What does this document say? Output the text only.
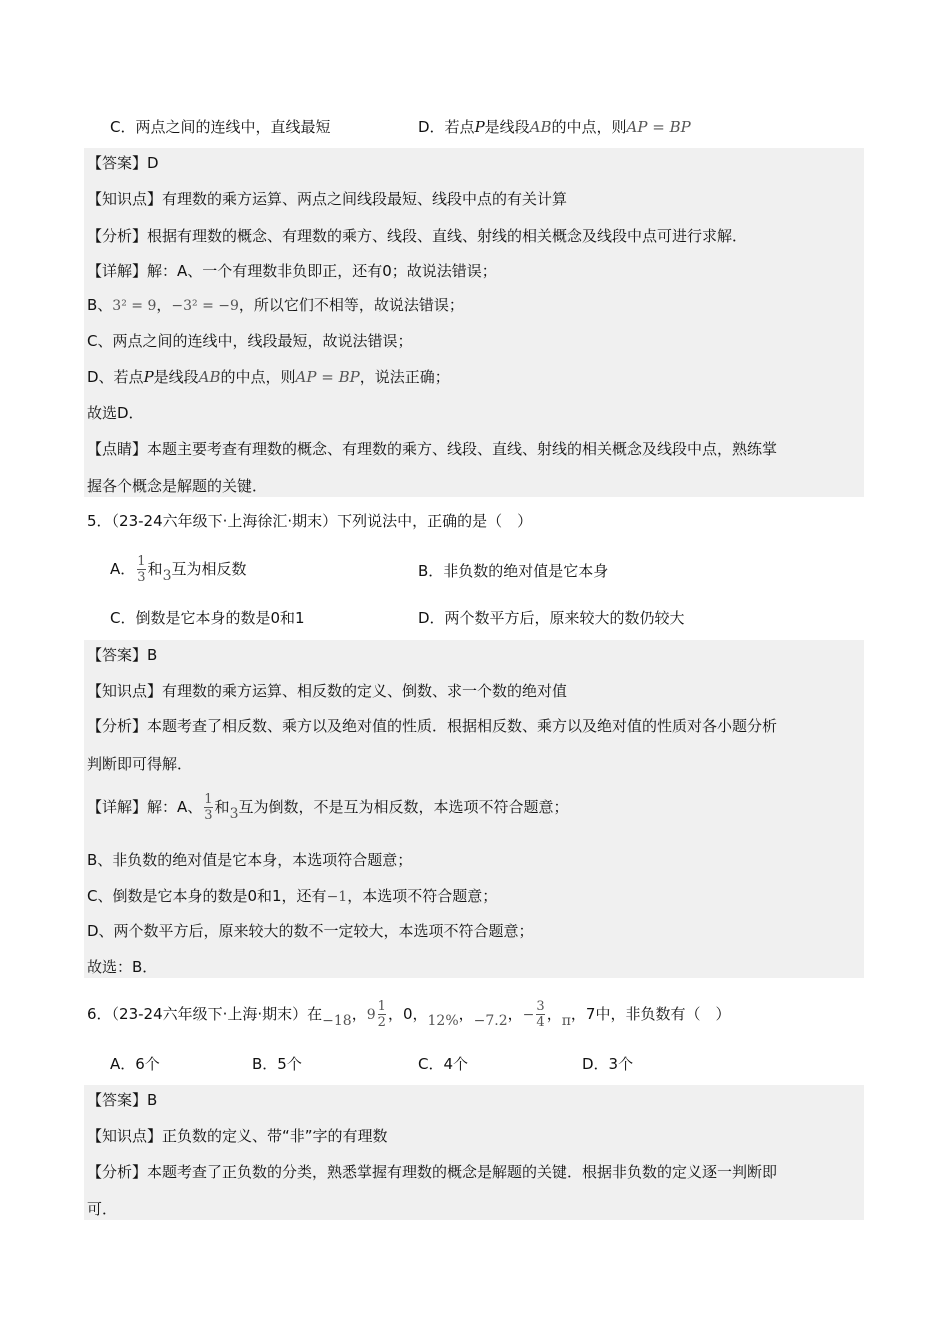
C．两点之间的连线中，直线最短	D．若点P是线段AB的中点，则AP = BP
【答案】D
【知识点】有理数的乘方运算、两点之间线段最短、线段中点的有关计算
【分析】根据有理数的概念、有理数的乘方、线段、直线、射线的相关概念及线段中点可进行求解．
【详解】解：A、一个有理数非负即正，还有0；故说法错误；
B、3² = 9，−3² = −9，所以它们不相等，故说法错误；
C、两点之间的连线中，线段最短，故说法错误；
D、若点P是线段AB的中点，则AP = BP，说法正确；
故选D．
【点睛】本题主要考查有理数的概念、有理数的乘方、线段、直线、射线的相关概念及线段中点，熟练掌
握各个概念是解题的关键．
5．（23-24六年级下·上海徐汇·期末）下列说法中，正确的是（　）
A． $\frac{1}{3}$ 和3互为相反数	B．非负数的绝对值是它本身
C．倒数是它本身的数是0和1	D．两个数平方后，原来较大的数仍较大
【答案】B
【知识点】有理数的乘方运算、相反数的定义、倒数、求一个数的绝对值
【分析】本题考查了相反数、乘方以及绝对值的性质．根据相反数、乘方以及绝对值的性质对各小题分析
判断即可得解．
【详解】解：A、 $\frac{1}{3}$ 和3互为倒数，不是互为相反数，本选项不符合题意；
B、非负数的绝对值是它本身，本选项符合题意；
C、倒数是它本身的数是0和1，还有−1，本选项不符合题意；
D、两个数平方后，原来较大的数不一定较大，本选项不符合题意；
故选：B．
6．（23-24六年级下·上海·期末）在−18，$9 \frac{1}{2}$ ，0，12%，−7.2，− $\frac{3}{4}$ ，π，7中，非负数有（　）
A．6个	B．5个	C．4个	D．3个
【答案】B
【知识点】正负数的定义、带“非”字的有理数
【分析】本题考查了正负数的分类，熟悉掌握有理数的概念是解题的关键．根据非负数的定义逐一判断即
可．
